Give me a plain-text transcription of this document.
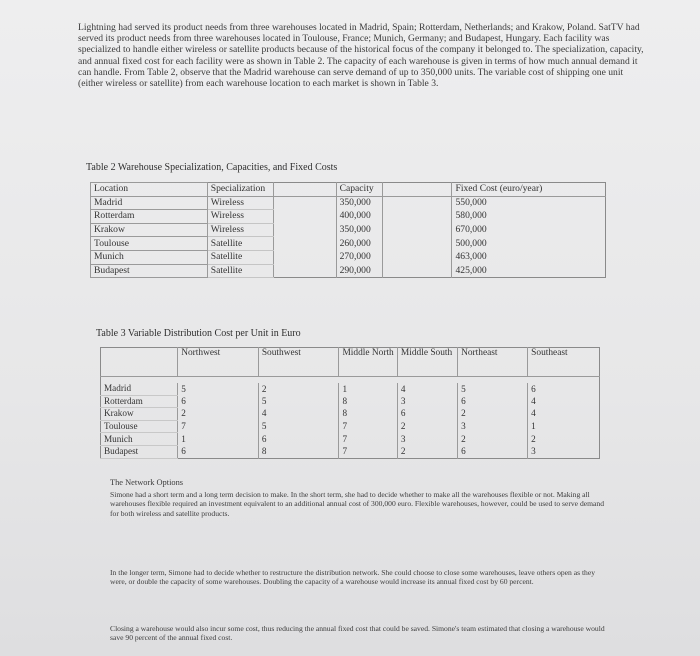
Lightning had served its product needs from three warehouses located in Madrid, Spain; Rotterdam, Netherlands; and Krakow, Poland. SatTV had served its product needs from three warehouses located in Toulouse, France; Munich, Germany; and Budapest, Hungary. Each facility was specialized to handle either wireless or satellite products because of the historical focus of the company it belonged to. The specialization, capacity, and annual fixed cost for each facility were as shown in Table 2. The capacity of each warehouse is given in terms of how much annual demand it can handle. From Table 2, observe that the Madrid warehouse can serve demand of up to 350,000 units. The variable cost of shipping one unit (either wireless or satellite) from each warehouse location to each market is shown in Table 3.
Table 2 Warehouse Specialization, Capacities, and Fixed Costs
Location	Specialization		Capacity		Fixed Cost (euro/year)	
Madrid	Wireless		350,000		550,000	
Rotterdam	Wireless		400,000		580,000	
Krakow	Wireless		350,000		670,000	
Toulouse	Satellite		260,000		500,000	
Munich	Satellite		270,000		463,000	
Budapest	Satellite		290,000		425,000	
Table 3 Variable Distribution Cost per Unit in Euro
	Northwest	Southwest	Middle North	Middle South	Northeast	Southeast

Madrid	5	2	1	4	5	6
Rotterdam	6	5	8	3	6	4
Krakow	2	4	8	6	2	4
Toulouse	7	5	7	2	3	1
Munich	1	6	7	3	2	2
Budapest	6	8	7	2	6	3
The Network Options
Simone had a short term and a long term decision to make. In the short term, she had to decide whether to make all the warehouses flexible or not. Making all warehouses flexible required an investment equivalent to an additional annual cost of 300,000 euro. Flexible warehouses, however, could be used to serve demand for both wireless and satellite products.
In the longer term, Simone had to decide whether to restructure the distribution network. She could choose to close some warehouses, leave others open as they were, or double the capacity of some warehouses. Doubling the capacity of a warehouse would increase its annual fixed cost by 60 percent.
Closing a warehouse would also incur some cost, thus reducing the annual fixed cost that could be saved. Simone's team estimated that closing a warehouse would save 90 percent of the annual fixed cost.
